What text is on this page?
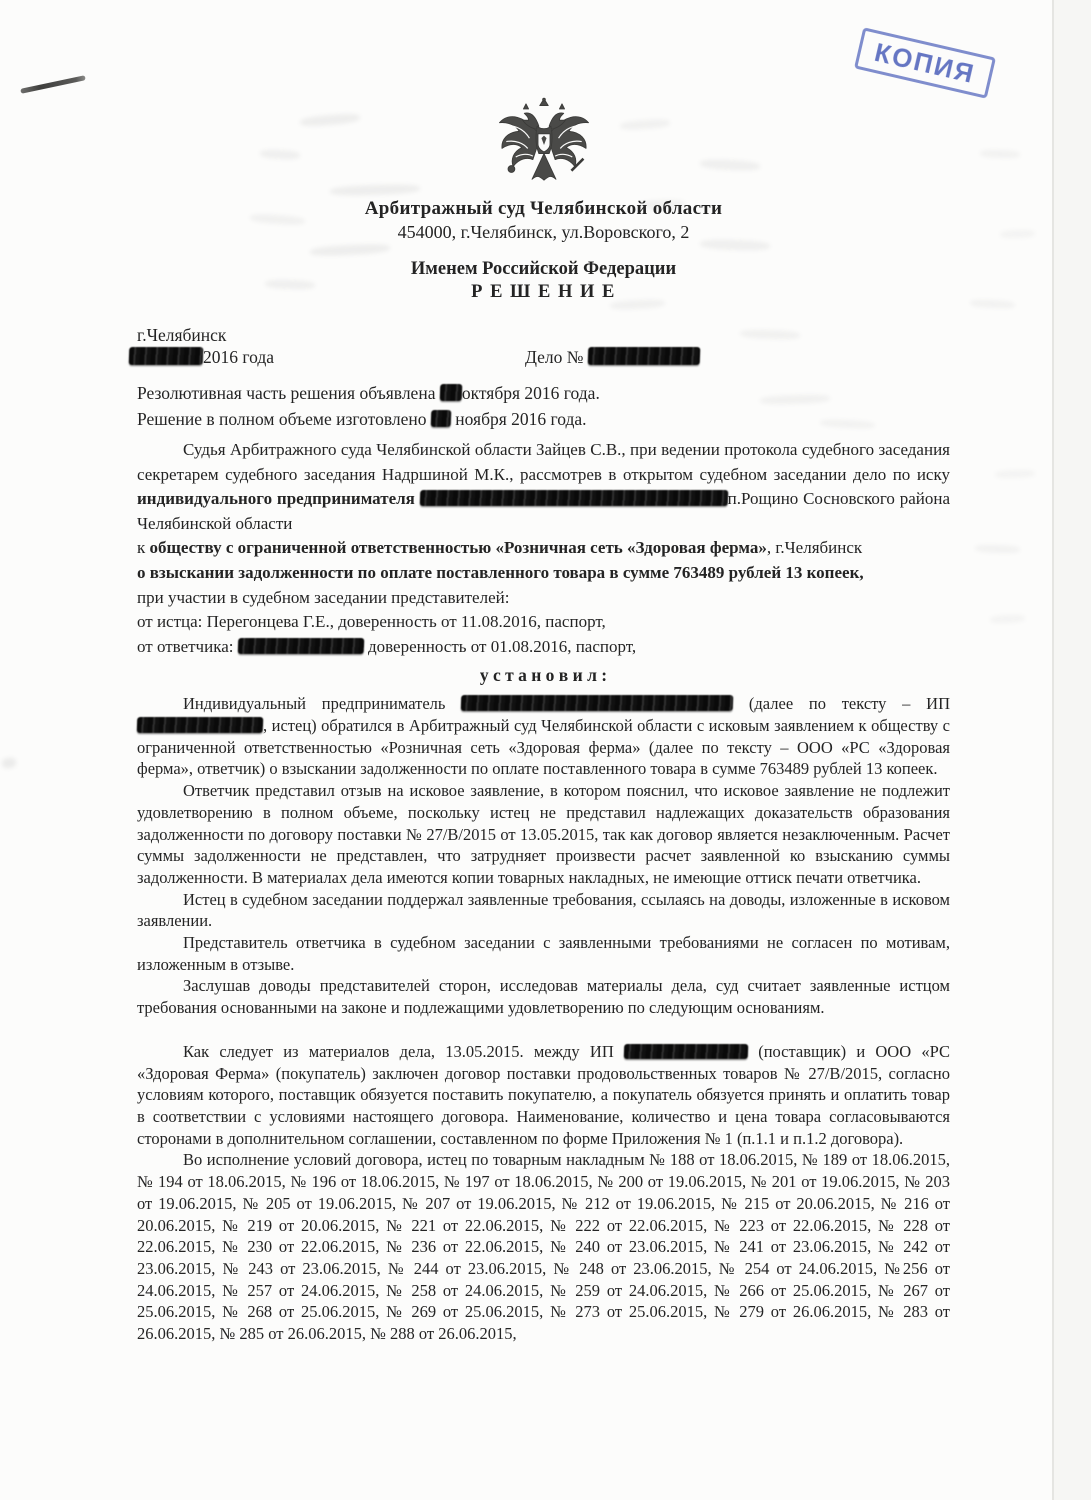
КОПИЯ
Арбитражный суд Челябинской области
454000, г.Челябинск, ул.Воровского, 2
Именем Российской Федерации
Р Е Ш Е Н И Е
г.Челябинск
2016 года	Дело №

Резолютивная часть решения объявлена октября 2016 года.

Решение в полном объеме изготовлено  ноября 2016 года.

Судья Арбитражного суда Челябинской области Зайцев С.В., при ведении протокола судебного заседания секретарем судебного заседания Надршиной М.К., рассмотрев в открытом судебном заседании дело по иску индивидуального предпринимателя	п.Рощино Сосновского района Челябинской области

к обществу с ограниченной ответственностью «Розничная сеть «Здоровая ферма», г.Челябинск

о взыскании задолженности по оплате поставленного товара в сумме 763489 рублей 13 копеек,

при участии в судебном заседании представителей:

от истца: Перегонцева Г.Е., доверенность от 11.08.2016, паспорт,

от ответчика:	доверенность от 01.08.2016, паспорт,

у с т а н о в и л :

Индивидуальный предприниматель	(далее по тексту – ИП , истец) обратился в Арбитражный суд Челябинской области с исковым заявлением к обществу с ограниченной ответственностью «Розничная сеть «Здоровая ферма» (далее по тексту – ООО «РС «Здоровая ферма», ответчик) о взыскании задолженности по оплате поставленного товара в сумме 763489 рублей 13 копеек.

Ответчик представил отзыв на исковое заявление, в котором пояснил, что исковое заявление не подлежит удовлетворению в полном объеме, поскольку истец не представил надлежащих доказательств образования задолженности по договору поставки № 27/В/2015 от 13.05.2015, так как договор является незаключенным. Расчет суммы задолженности не представлен, что затрудняет произвести расчет заявленной ко взысканию суммы задолженности. В материалах дела имеются копии товарных накладных, не имеющие оттиск печати ответчика.

Истец в судебном заседании поддержал заявленные требования, ссылаясь на доводы, изложенные в исковом заявлении.

Представитель ответчика в судебном заседании с заявленными требованиями не согласен по мотивам, изложенным в отзыве.

Заслушав доводы представителей сторон, исследовав материалы дела, суд считает заявленные истцом требования основанными на законе и подлежащими удовлетворению по следующим основаниям.

Как следует из материалов дела, 13.05.2015. между ИП	(поставщик) и ООО «РС «Здоровая Ферма» (покупатель) заключен договор поставки продовольственных товаров № 27/В/2015, согласно условиям которого, поставщик обязуется поставить покупателю, а покупатель обязуется принять и оплатить товар в соответствии с условиями настоящего договора. Наименование, количество и цена товара согласовываются сторонами в дополнительном соглашении, составленном по форме Приложения № 1 (п.1.1 и п.1.2 договора).

Во исполнение условий договора, истец по товарным накладным № 188 от 18.06.2015, № 189 от 18.06.2015, № 194 от 18.06.2015, № 196 от 18.06.2015, № 197 от 18.06.2015, № 200 от 19.06.2015, № 201 от 19.06.2015, № 203 от 19.06.2015, № 205 от 19.06.2015, № 207 от 19.06.2015, № 212 от 19.06.2015, № 215 от 20.06.2015, № 216 от 20.06.2015, № 219 от 20.06.2015, № 221 от 22.06.2015, № 222 от 22.06.2015, № 223 от 22.06.2015, № 228 от 22.06.2015, № 230 от 22.06.2015, № 236 от 22.06.2015, № 240 от 23.06.2015, № 241 от 23.06.2015, № 242 от 23.06.2015, № 243 от 23.06.2015, № 244 от 23.06.2015, № 248 от 23.06.2015, № 254 от 24.06.2015, №256 от 24.06.2015, № 257 от 24.06.2015, № 258 от 24.06.2015, № 259 от 24.06.2015, № 266 от 25.06.2015, № 267 от 25.06.2015, № 268 от 25.06.2015, № 269 от 25.06.2015, № 273 от 25.06.2015, № 279 от 26.06.2015, № 283 от 26.06.2015, № 285 от 26.06.2015, № 288 от 26.06.2015,
